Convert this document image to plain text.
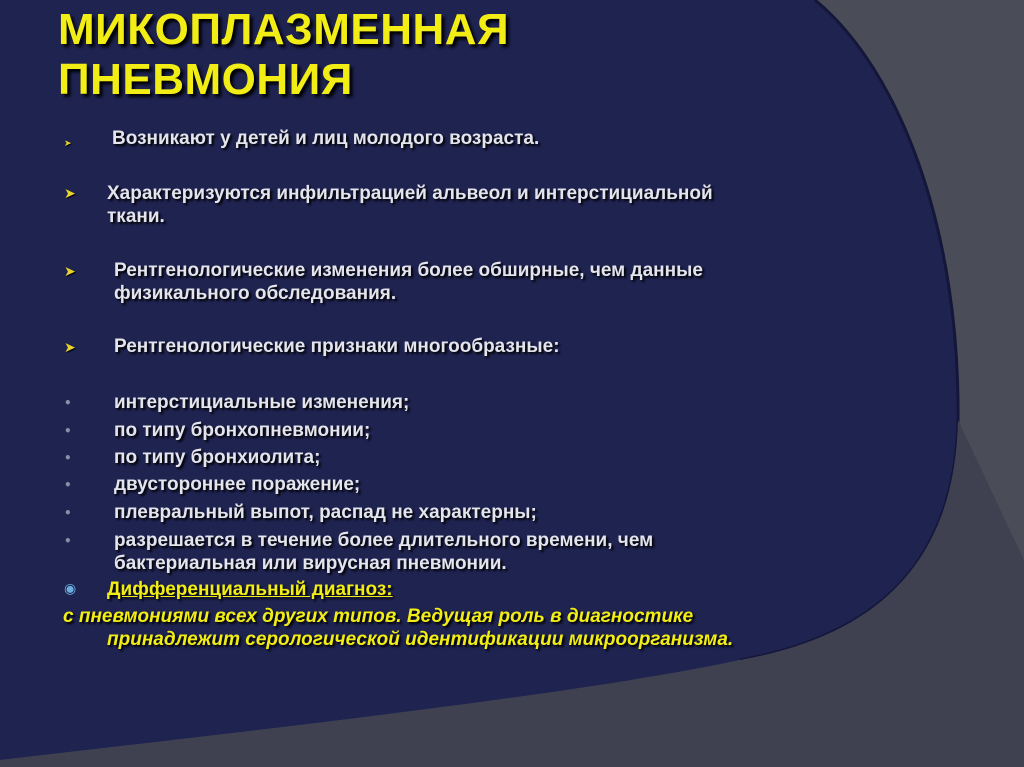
МИКОПЛАЗМЕННАЯ
ПНЕВМОНИЯ
➤ Возникают у детей и лиц молодого возраста.
➤ Характеризуются инфильтрацией альвеол и интерстициальной
ткани.
➤ Рентгенологические изменения более обширные, чем данные
физикального обследования.
➤ Рентгенологические признаки многообразные:
• интерстициальные изменения;
• по типу бронхопневмонии;
• по типу бронхиолита;
• двустороннее поражение;
• плевральный выпот, распад не характерны;
• разрешается в течение более длительного времени, чем
бактериальная или вирусная пневмонии.
◉ Дифференциальный диагноз:
с пневмониями всех других типов. Ведущая роль в диагностике
принадлежит серологической идентификации микроорганизма.
